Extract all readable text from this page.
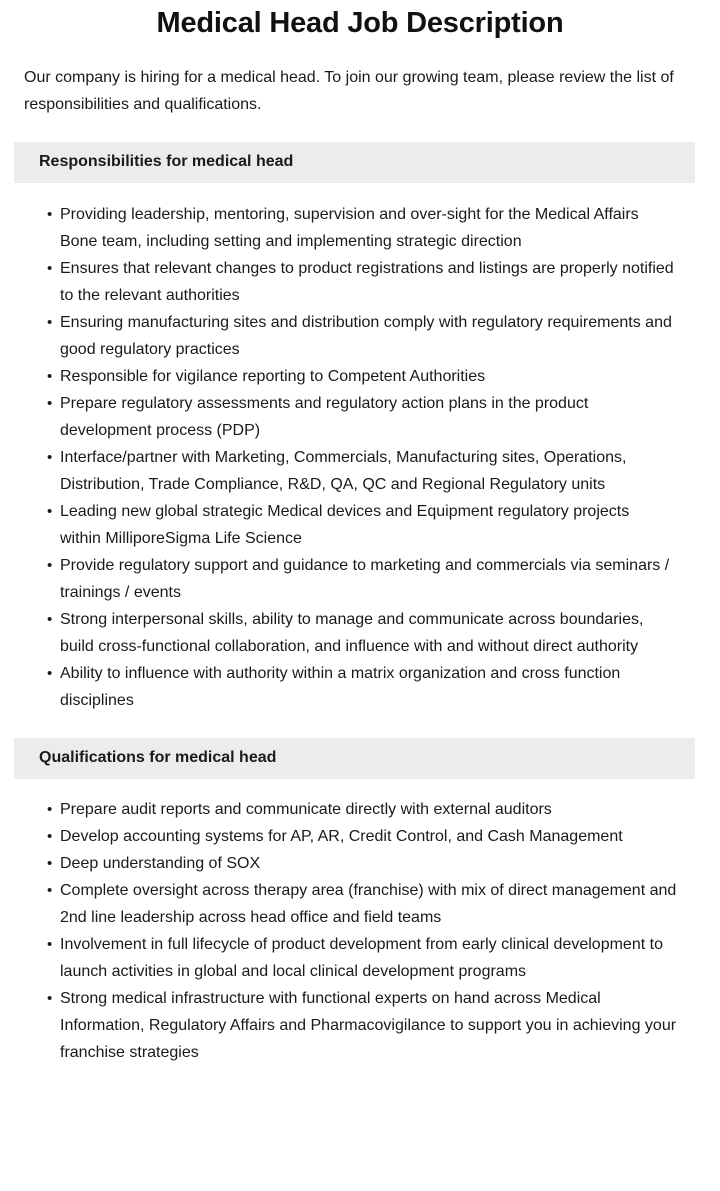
Medical Head Job Description

Our company is hiring for a medical head. To join our growing team, please review the list of responsibilities and qualifications.

Responsibilities for medical head
• Providing leadership, mentoring, supervision and over-sight for the Medical Affairs Bone team, including setting and implementing strategic direction
• Ensures that relevant changes to product registrations and listings are properly notified to the relevant authorities
• Ensuring manufacturing sites and distribution comply with regulatory requirements and good regulatory practices
• Responsible for vigilance reporting to Competent Authorities
• Prepare regulatory assessments and regulatory action plans in the product development process (PDP)
• Interface/partner with Marketing, Commercials, Manufacturing sites, Operations, Distribution, Trade Compliance, R&D, QA, QC and Regional Regulatory units
• Leading new global strategic Medical devices and Equipment regulatory projects within MilliporeSigma Life Science
• Provide regulatory support and guidance to marketing and commercials via seminars / trainings / events
• Strong interpersonal skills, ability to manage and communicate across boundaries, build cross-functional collaboration, and influence with and without direct authority
• Ability to influence with authority within a matrix organization and cross function disciplines
Qualifications for medical head
• Prepare audit reports and communicate directly with external auditors
• Develop accounting systems for AP, AR, Credit Control, and Cash Management
• Deep understanding of SOX
• Complete oversight across therapy area (franchise) with mix of direct management and 2nd line leadership across head office and field teams
• Involvement in full lifecycle of product development from early clinical development to launch activities in global and local clinical development programs
• Strong medical infrastructure with functional experts on hand across Medical Information, Regulatory Affairs and Pharmacovigilance to support you in achieving your franchise strategies
